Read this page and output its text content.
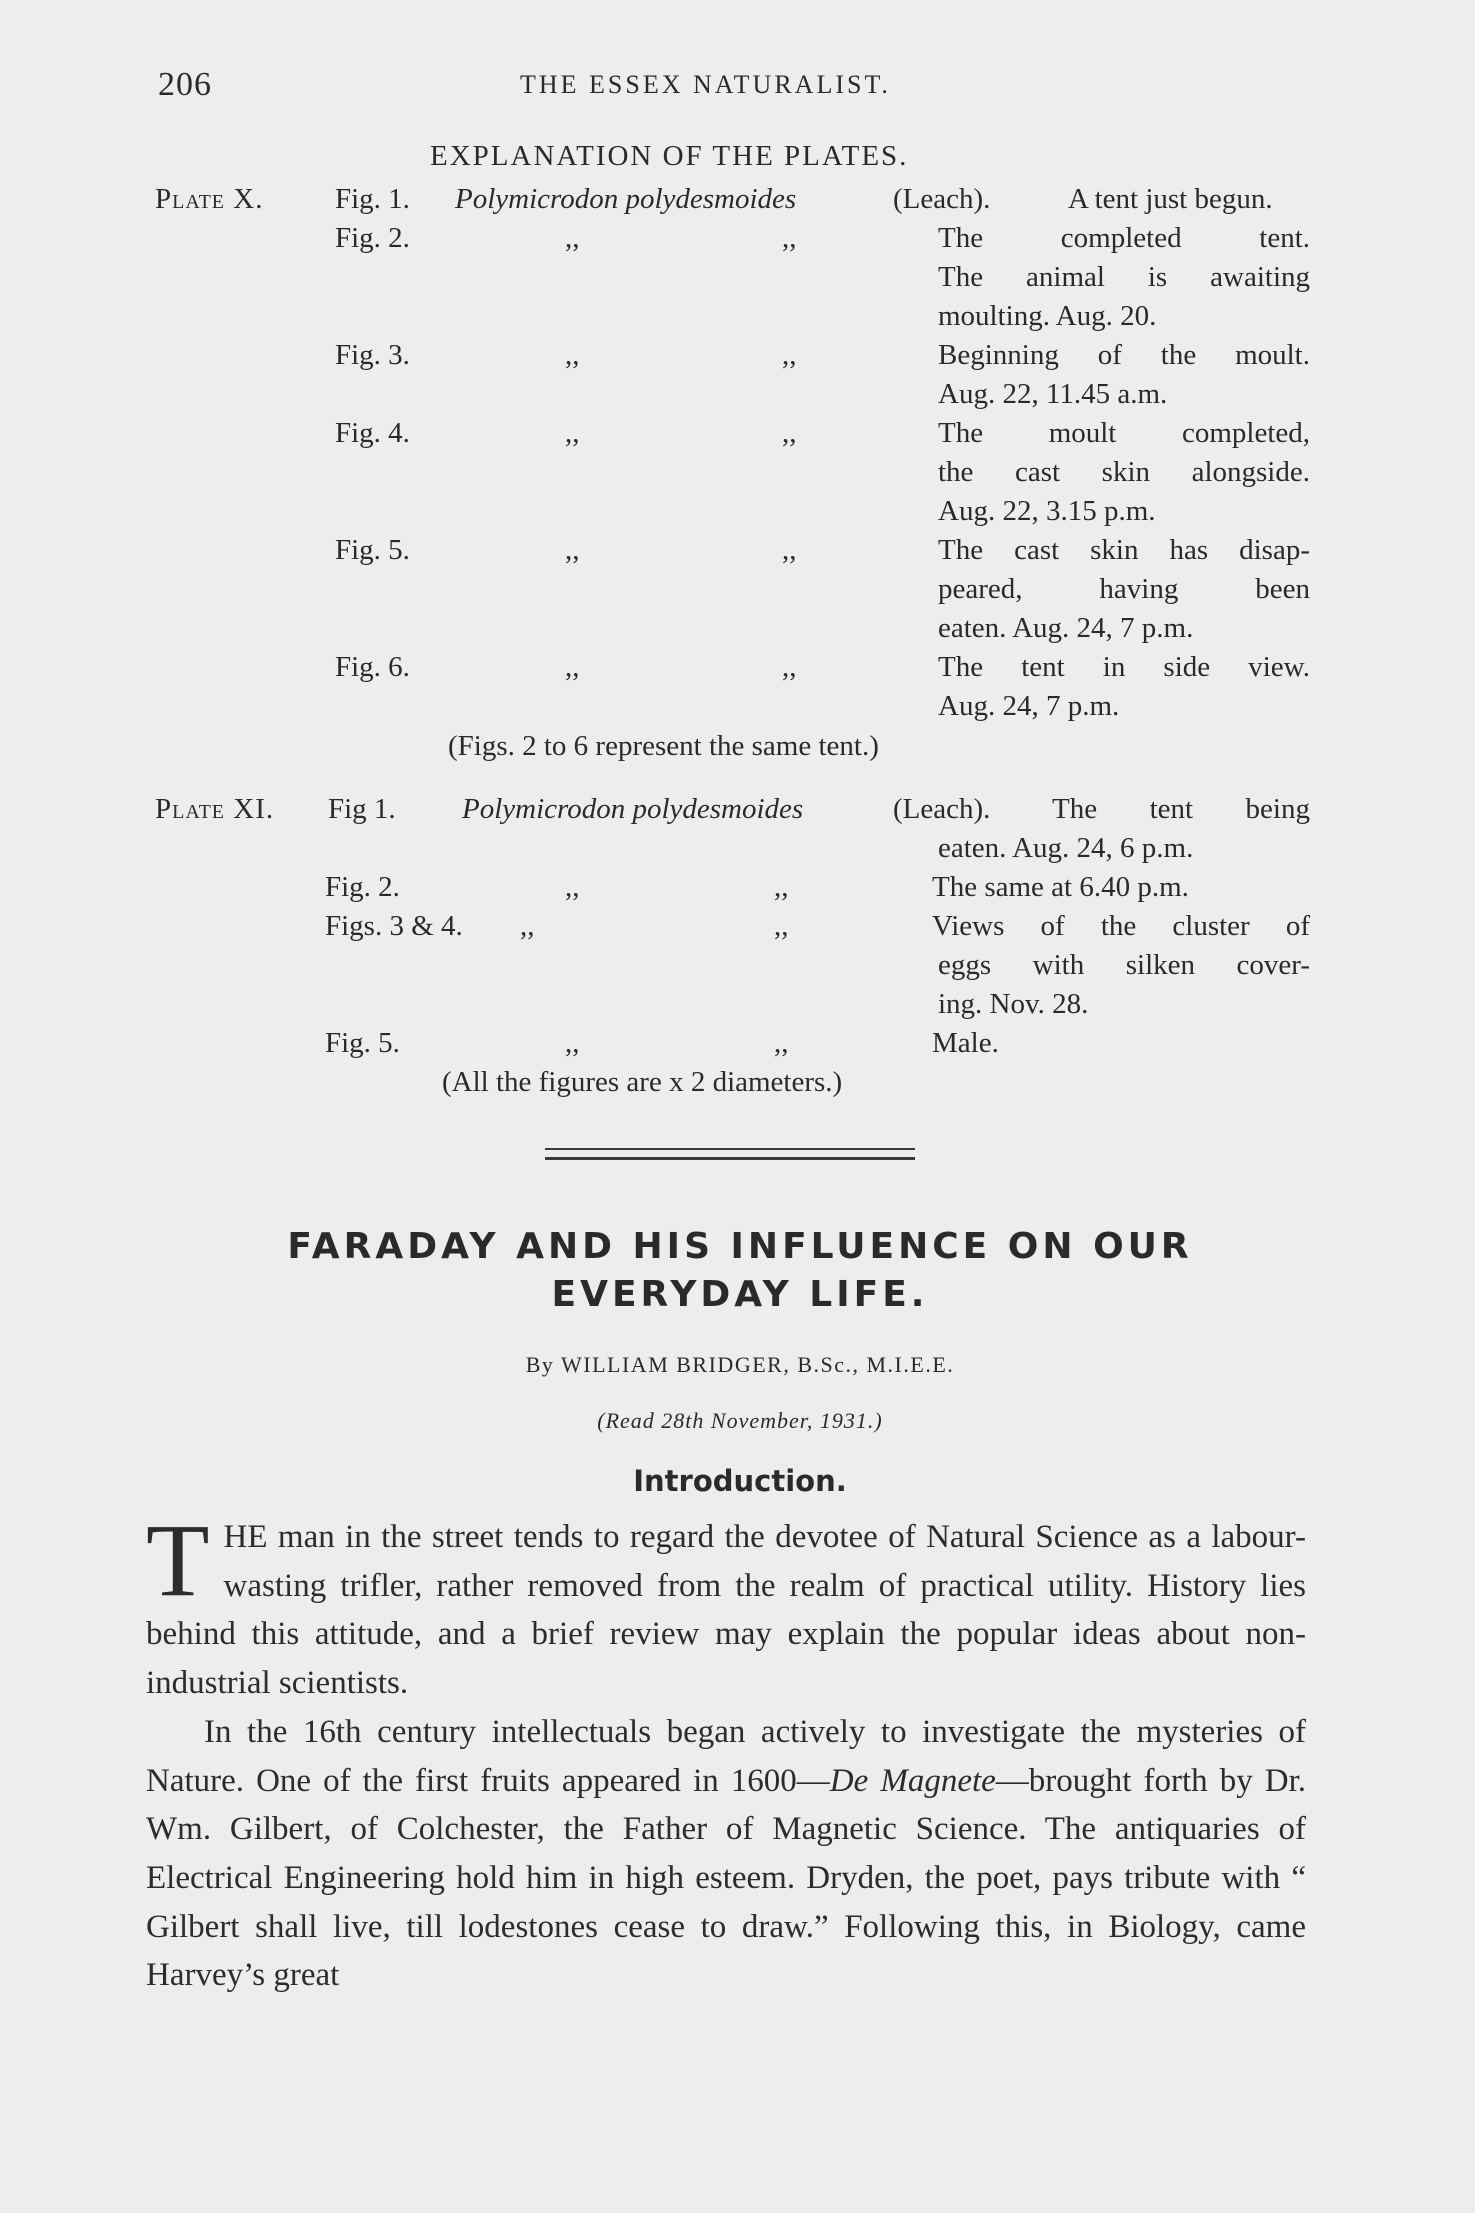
206	THE ESSEX NATURALIST.
EXPLANATION OF THE PLATES.
Plate X. Fig. 1. Polymicrodon polydesmoides	(Leach).	A tent just begun.
Fig. 2.	,,	,,	The completed tent.
The animal is awaiting
moulting. Aug. 20.
Fig. 3.	,,	,,	Beginning of the moult.
Aug. 22, 11.45 a.m.
Fig. 4.	,,	,,	The moult completed,
the cast skin alongside.
Aug. 22, 3.15 p.m.
Fig. 5.	,,	,,	The cast skin has disap-
peared, having been
eaten. Aug. 24, 7 p.m.
Fig. 6.	,,	,,	The tent in side view.
Aug. 24, 7 p.m.
(Figs. 2 to 6 represent the same tent.)
Plate XI. Fig 1. Polymicrodon polydesmoides	(Leach). The tent being
eaten. Aug. 24, 6 p.m.
Fig. 2.	,,	,,	The same at 6.40 p.m.
Figs. 3 & 4. ,,	,,	Views of the cluster of
eggs with silken cover-
ing. Nov. 28.
Fig. 5.	,,	,,	Male.
(All the figures are x 2 diameters.)
FARADAY AND HIS INFLUENCE ON OUR
EVERYDAY LIFE.
By WILLIAM BRIDGER, B.Sc., M.I.E.E.
(Read 28th November, 1931.)
Introduction.

THE man in the street tends to regard the devotee of Natural Science as a labour-wasting trifler, rather removed from the realm of practical utility. History lies behind this attitude, and a brief review may explain the popular ideas about non-industrial scientists.

In the 16th century intellectuals began actively to investigate the mysteries of Nature. One of the first fruits appeared in 1600—De Magnete—brought forth by Dr. Wm. Gilbert, of Colchester, the Father of Magnetic Science. The antiquaries of Electrical Engineering hold him in high esteem. Dryden, the poet, pays tribute with “ Gilbert shall live, till lodestones cease to draw.” Following this, in Biology, came Harvey’s great
